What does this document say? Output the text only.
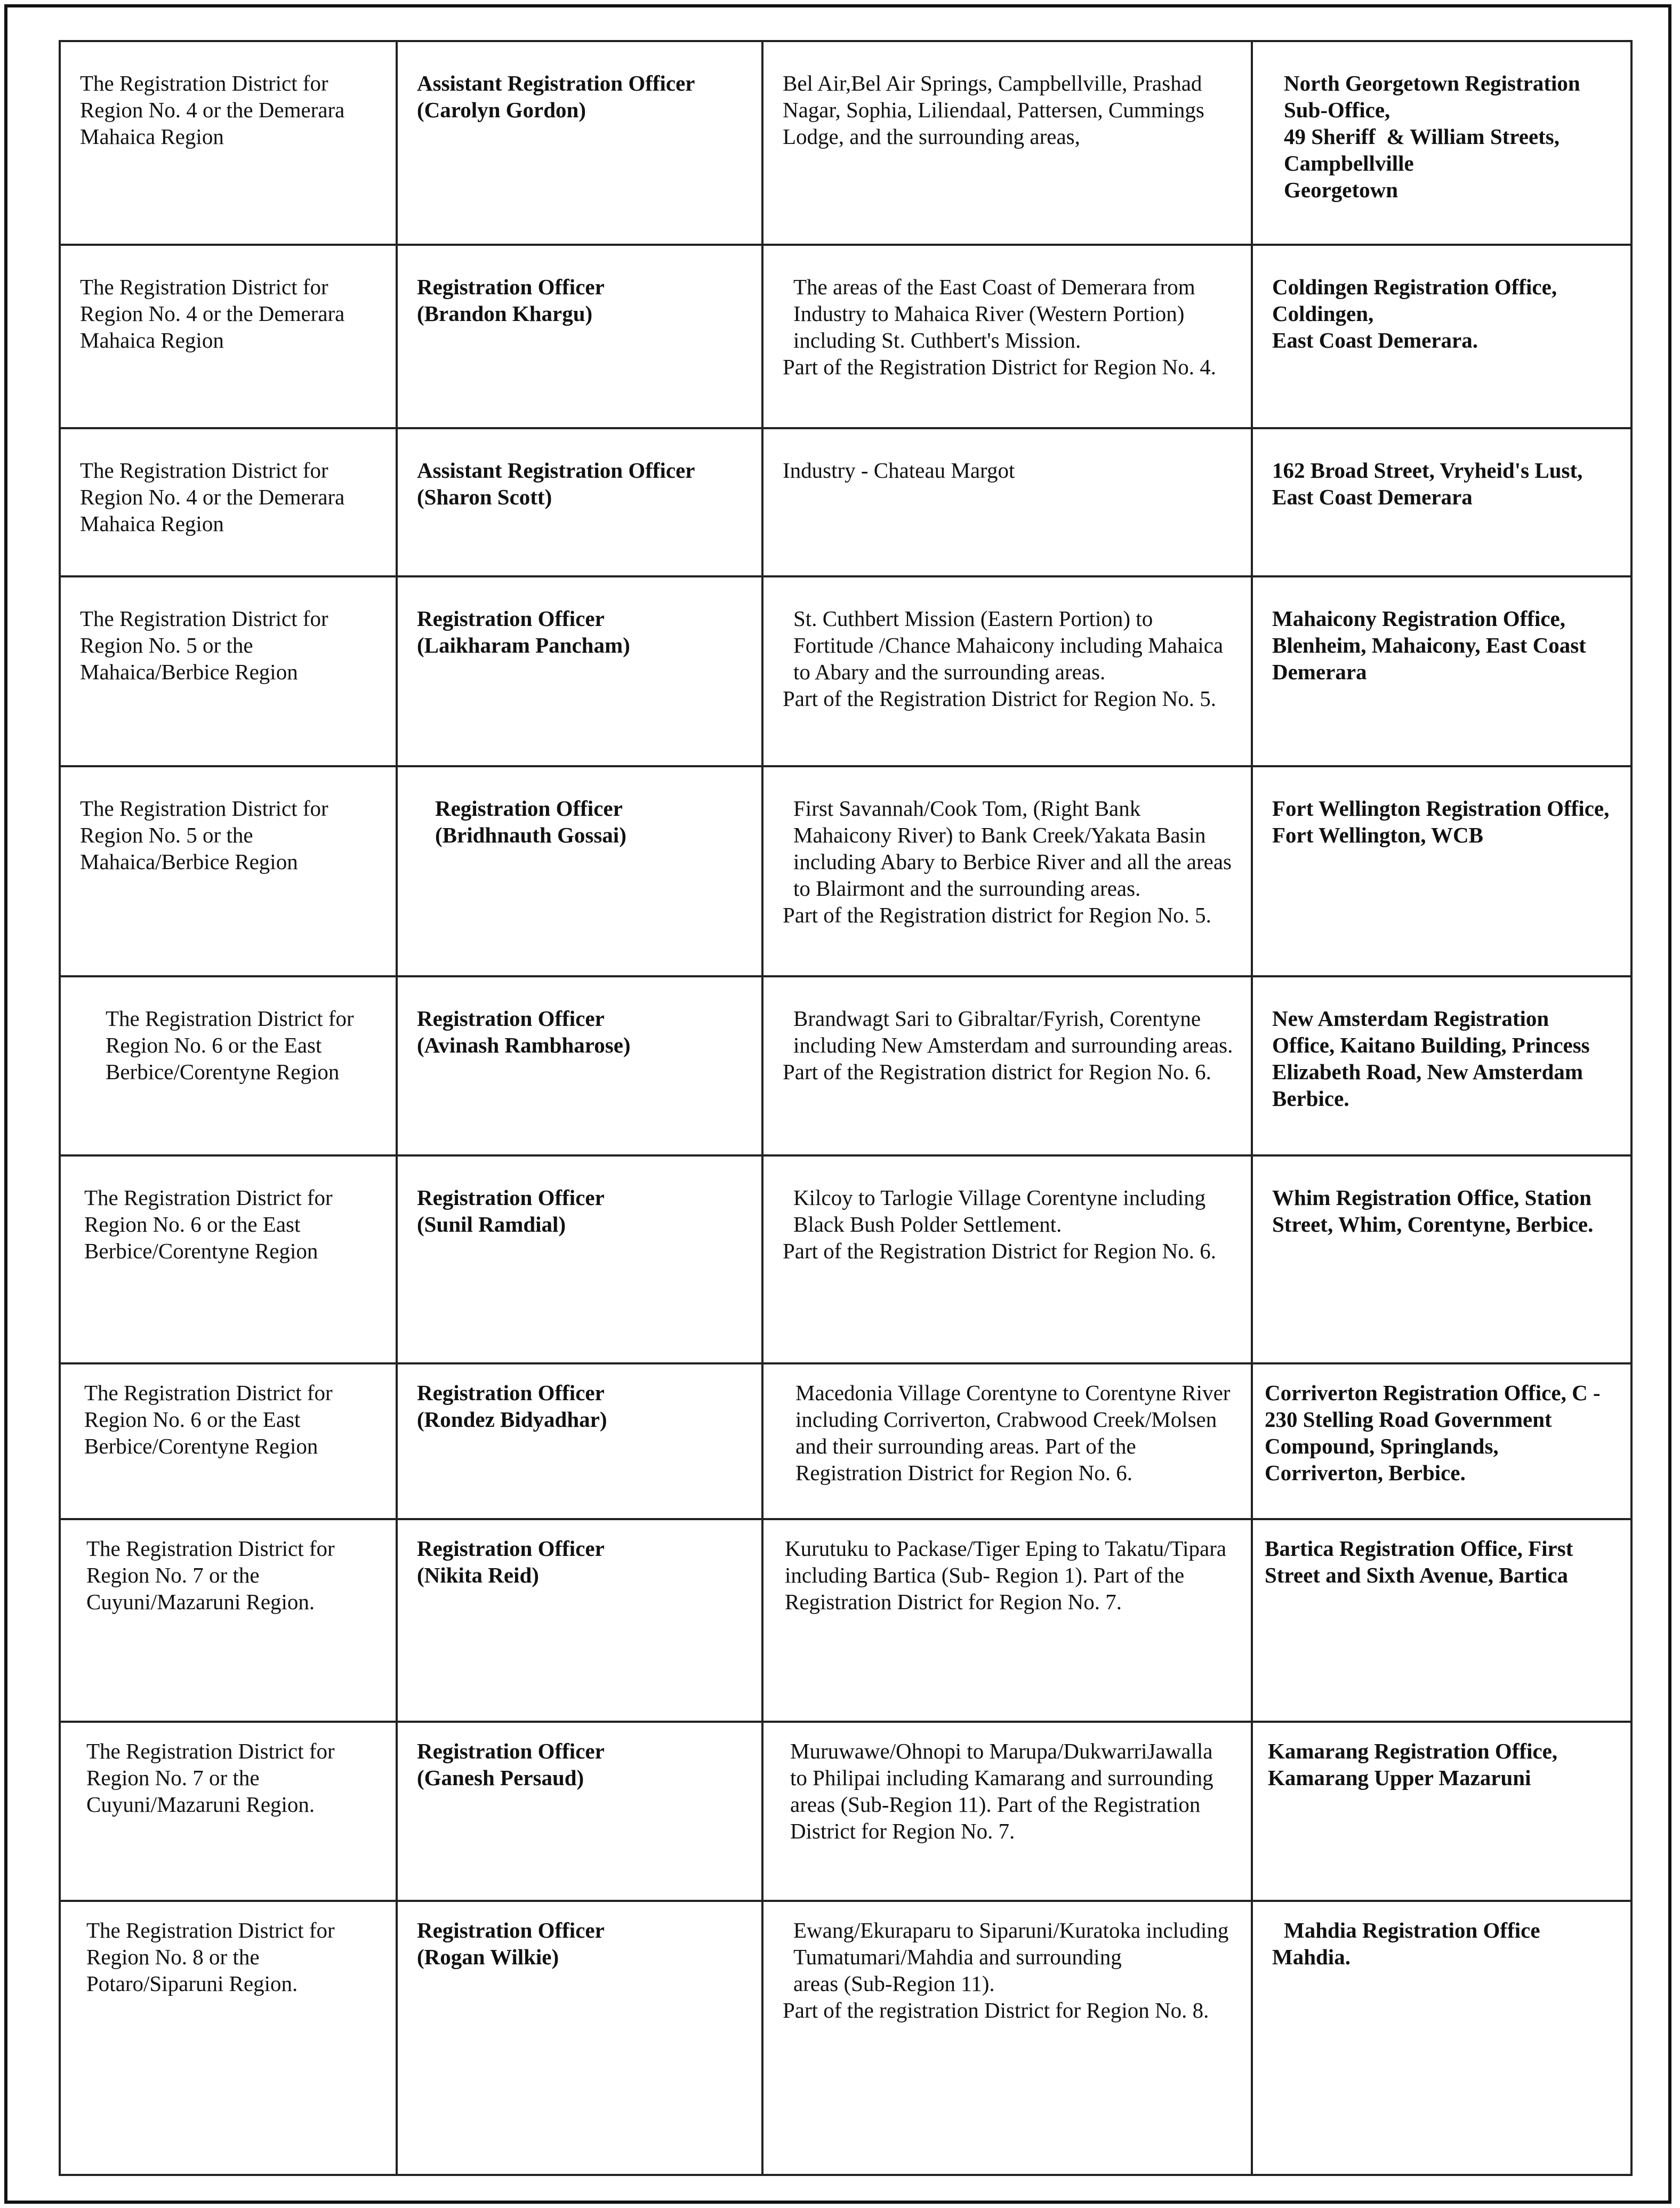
The Registration District for Region No. 4 or the Demerara Mahaica Region	Assistant Registration Officer
(Carolyn Gordon)	Bel Air,Bel Air Springs, Campbellville, Prashad Nagar, Sophia, Liliendaal, Pattersen, Cummings Lodge, and the surrounding areas,	North Georgetown Registration Sub-Office,
49 Sheriff  & William Streets, Campbellville
Georgetown

The Registration District for Region No. 4 or the Demerara Mahaica Region	Registration Officer
(Brandon Khargu)	The areas of the East Coast of Demerara from Industry to Mahaica River (Western Portion) including St. Cuthbert's Mission.
Part of the Registration District for Region No. 4.	Coldingen Registration Office,
Coldingen,
East Coast Demerara.

The Registration District for Region No. 4 or the Demerara Mahaica Region	Assistant Registration Officer
(Sharon Scott)	Industry - Chateau Margot	162 Broad Street, Vryheid's Lust, East Coast Demerara

The Registration District for Region No. 5 or the Mahaica/Berbice Region	Registration Officer
(Laikharam Pancham)	St. Cuthbert Mission (Eastern Portion) to Fortitude /Chance Mahaicony including Mahaica to Abary and the surrounding areas.
Part of the Registration District for Region No. 5.	Mahaicony Registration Office, Blenheim, Mahaicony, East Coast Demerara

The Registration District for Region No. 5 or the Mahaica/Berbice Region	Registration Officer
(Bridhnauth Gossai)	First Savannah/Cook Tom, (Right Bank Mahaicony River) to Bank Creek/Yakata Basin including Abary to Berbice River and all the areas to Blairmont and the surrounding areas.
Part of the Registration district for Region No. 5.	Fort Wellington Registration Office, Fort Wellington, WCB

The Registration District for Region No. 6 or the East Berbice/Corentyne Region	Registration Officer
(Avinash Rambharose)	Brandwagt Sari to Gibraltar/Fyrish, Corentyne including New Amsterdam and surrounding areas.
Part of the Registration district for Region No. 6.	New Amsterdam Registration Office, Kaitano Building, Princess Elizabeth Road, New Amsterdam Berbice.

The Registration District for Region No. 6 or the East Berbice/Corentyne Region	Registration Officer
(Sunil Ramdial)	Kilcoy to Tarlogie Village Corentyne including Black Bush Polder Settlement.
Part of the Registration District for Region No. 6.	Whim Registration Office, Station Street, Whim, Corentyne, Berbice.

The Registration District for Region No. 6 or the East Berbice/Corentyne Region	Registration Officer
(Rondez Bidyadhar)	Macedonia Village Corentyne to Corentyne River including Corriverton, Crabwood Creek/Molsen and their surrounding areas. Part of the Registration District for Region No. 6.	Corriverton Registration Office, C - 230 Stelling Road Government Compound, Springlands, Corriverton, Berbice.

The Registration District for Region No. 7 or the Cuyuni/Mazaruni Region.	Registration Officer
(Nikita Reid)	Kurutuku to Packase/Tiger Eping to Takatu/Tipara including Bartica (Sub- Region 1). Part of the Registration District for Region No. 7.	Bartica Registration Office, First Street and Sixth Avenue, Bartica

The Registration District for Region No. 7 or the Cuyuni/Mazaruni Region.	Registration Officer
(Ganesh Persaud)	Muruwawe/Ohnopi to Marupa/DukwarriJawalla to Philipai including Kamarang and surrounding areas (Sub-Region 11). Part of the Registration District for Region No. 7.	Kamarang Registration Office, Kamarang Upper Mazaruni

The Registration District for Region No. 8 or the Potaro/Siparuni Region.	Registration Officer
(Rogan Wilkie)	Ewang/Ekuraparu to Siparuni/Kuratoka including Tumatumari/Mahdia and surrounding
areas (Sub-Region 11).
Part of the registration District for Region No. 8.	Mahdia Registration Office
Mahdia.
